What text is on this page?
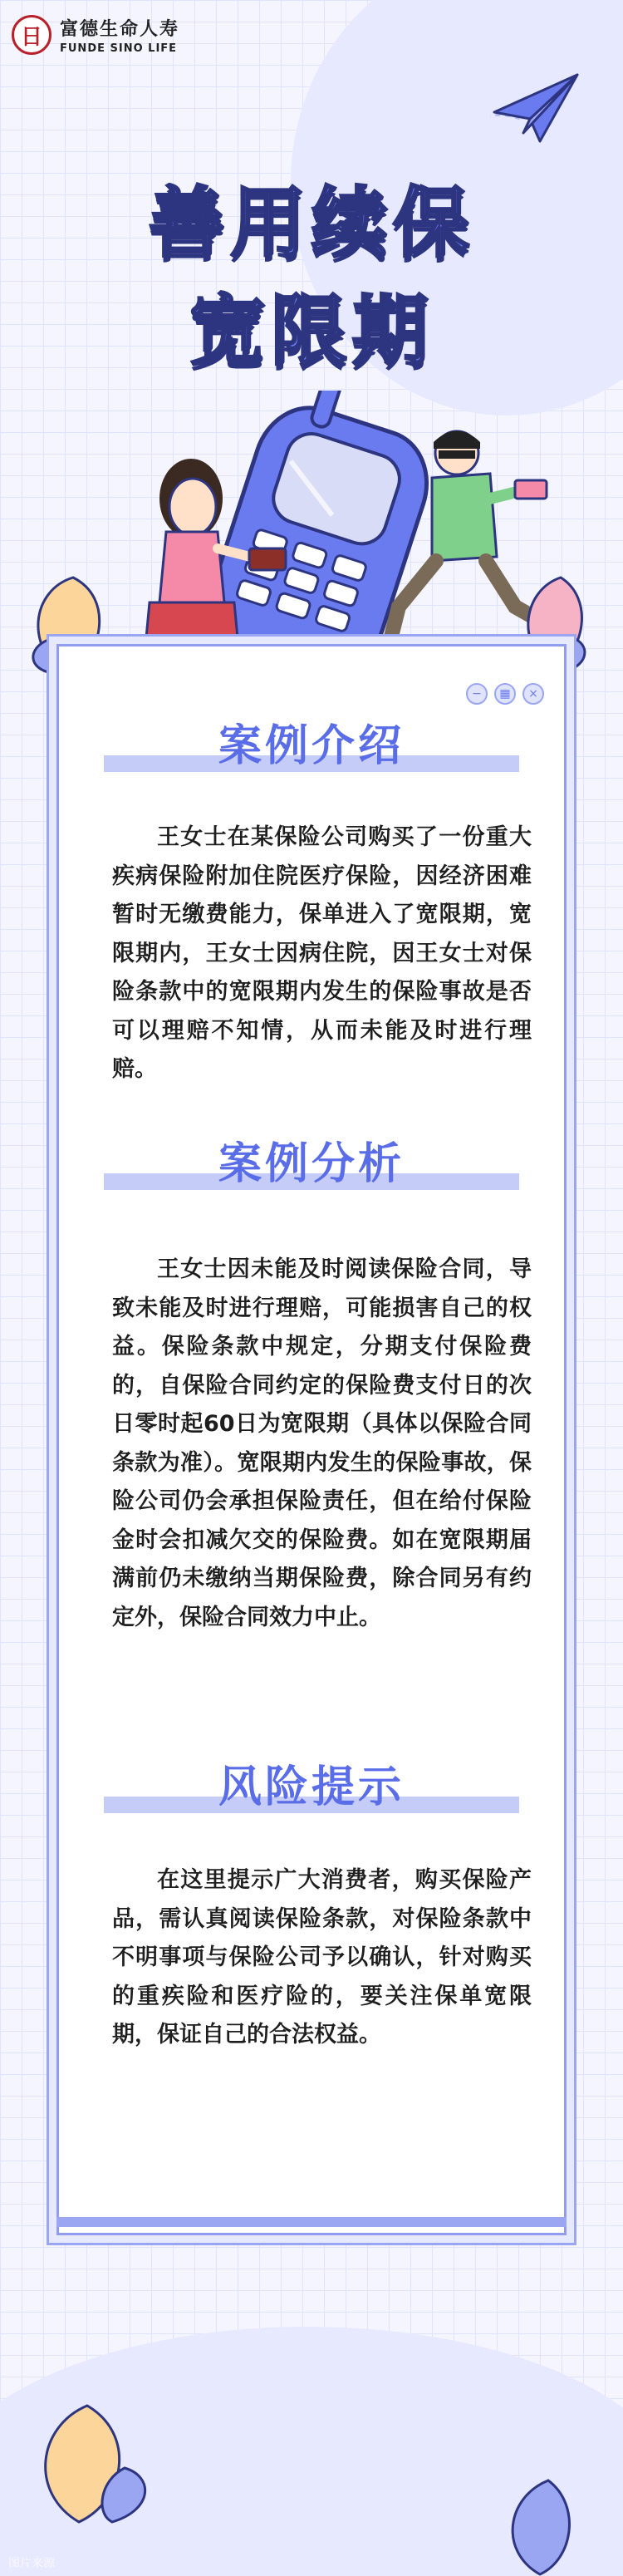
日 富德生命人寿
FUNDE SINO LIFE
善用续保
宽限期
−	▦	×
案例介绍
王女士在某保险公司购买了一份重大疾病保险附加住院医疗保险，因经济困难暂时无缴费能力，保单进入了宽限期，宽限期内，王女士因病住院，因王女士对保险条款中的宽限期内发生的保险事故是否可以理赔不知情，从而未能及时进行理赔。
案例分析
王女士因未能及时阅读保险合同，导致未能及时进行理赔，可能损害自己的权益。保险条款中规定，分期支付保险费的，自保险合同约定的保险费支付日的次日零时起60日为宽限期（具体以保险合同条款为准）。宽限期内发生的保险事故，保险公司仍会承担保险责任，但在给付保险金时会扣减欠交的保险费。如在宽限期届满前仍未缴纳当期保险费，除合同另有约定外，保险合同效力中止。
风险提示
在这里提示广大消费者，购买保险产品，需认真阅读保险条款，对保险条款中不明事项与保险公司予以确认，针对购买的重疾险和医疗险的，要关注保单宽限期，保证自己的合法权益。
图片来源
